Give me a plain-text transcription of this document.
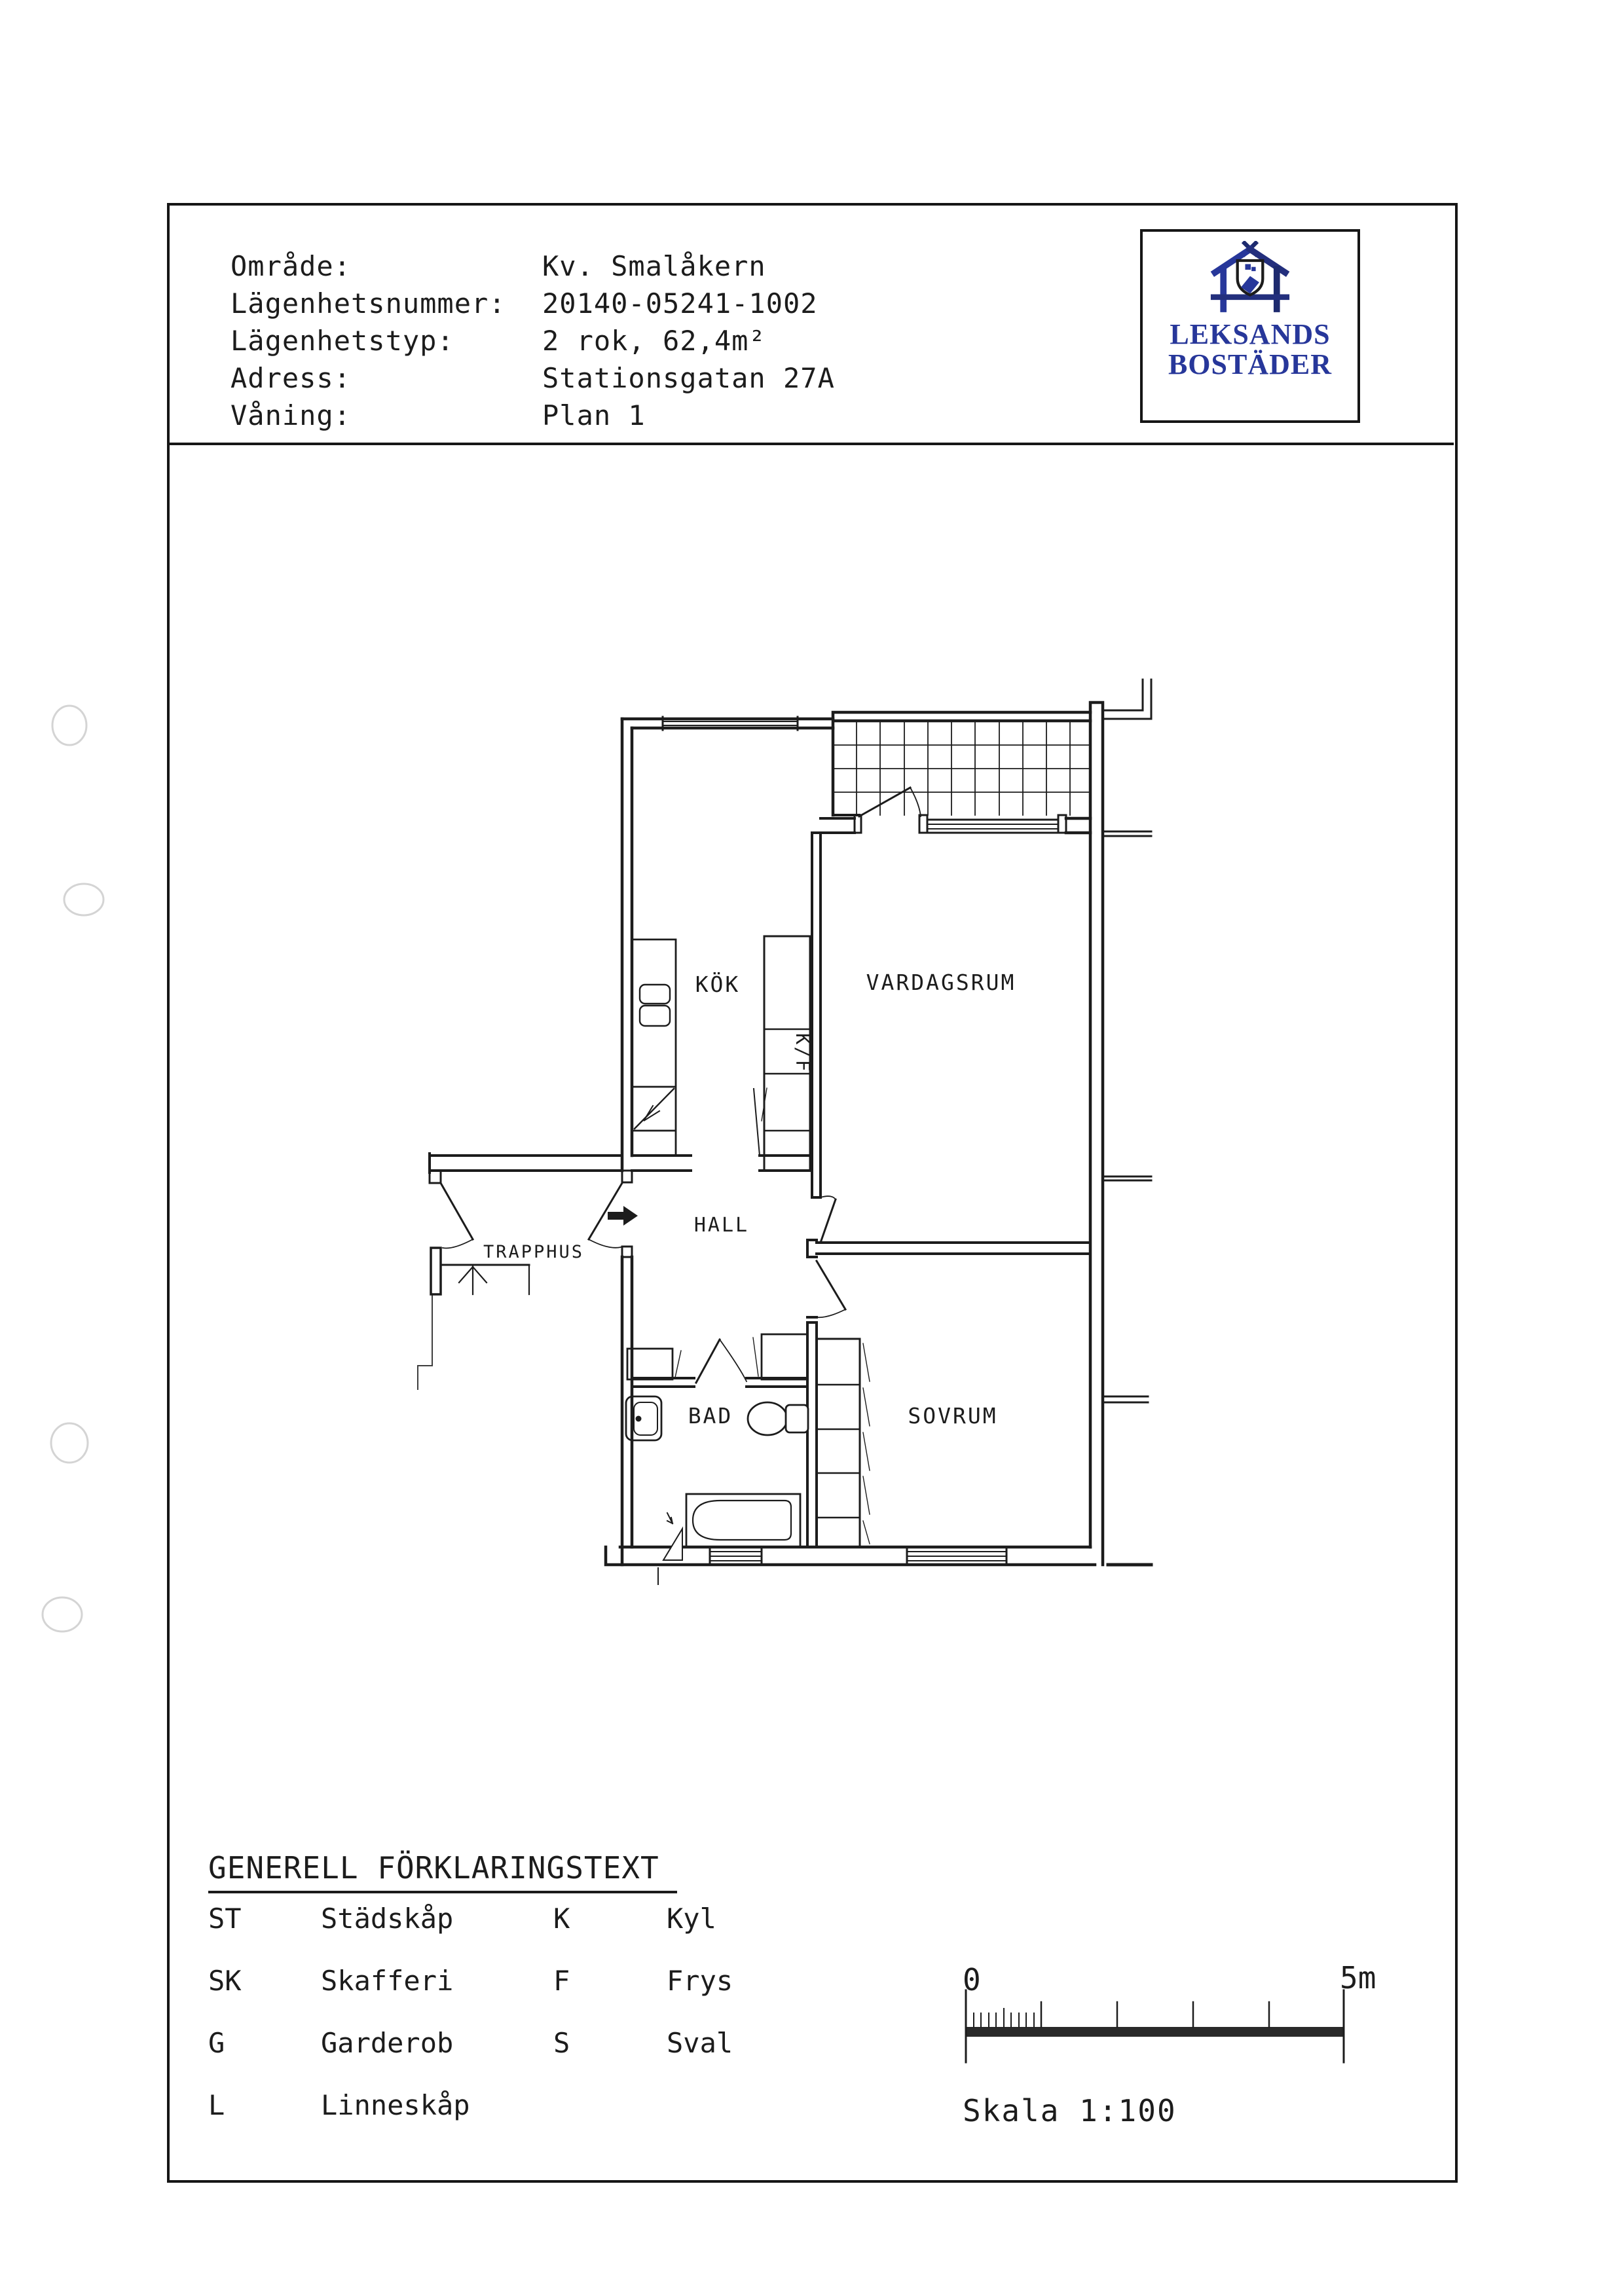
Område:	Kv. Smalåkern
Lägenhetsnummer: 20140-05241-1002
Lägenhetstyp:	2 rok, 62,4m²
Adress:	Stationsgatan 27A
Våning:	Plan 1
LEKSANDS
BOSTÄDER
KÖK	VARDAGSRUM
TRAPPHUS
HALL
BAD	SOVRUM
K/F
GENERELL FÖRKLARINGSTEXT
ST	Städskåp	K	Kyl
SK	Skafferi	F	Frys
G	Garderob	S	Sval
L	Linneskåp
0	5m
Skala 1:100
